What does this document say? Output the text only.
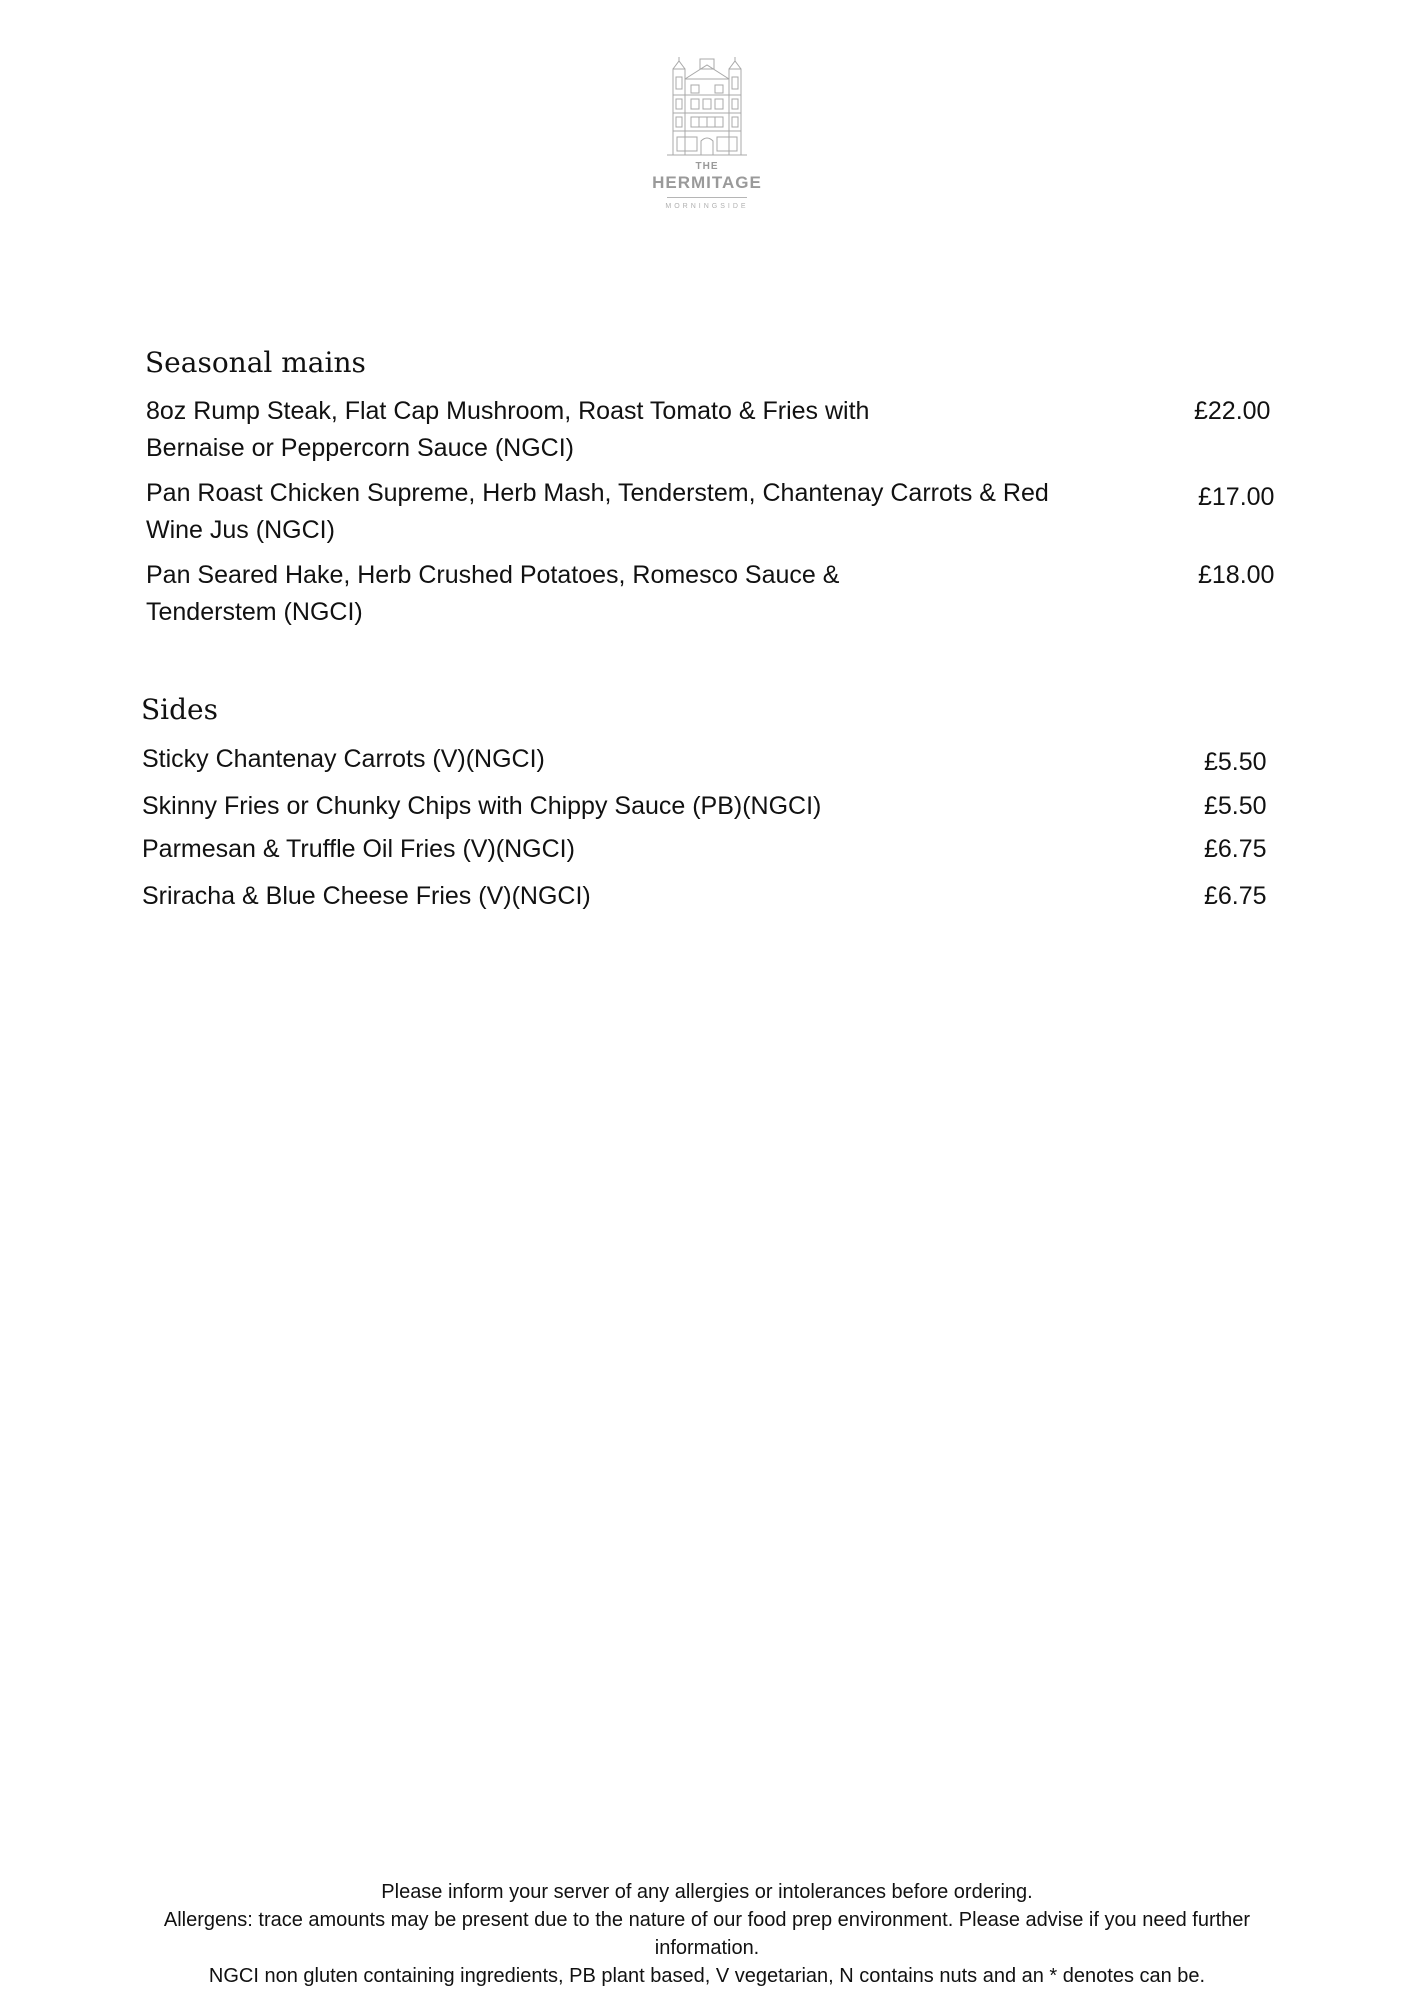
THE
HERMITAGE
MORNINGSIDE
Seasonal mains
8oz Rump Steak, Flat Cap Mushroom, Roast Tomato & Fries with Bernaise or Peppercorn Sauce (NGCI)
£22.00
Pan Roast Chicken Supreme, Herb Mash, Tenderstem, Chantenay Carrots & Red Wine Jus (NGCI)
£17.00
Pan Seared Hake, Herb Crushed Potatoes, Romesco Sauce & Tenderstem (NGCI)
£18.00
Sides
Sticky Chantenay Carrots (V)(NGCI)	£5.50
Skinny Fries or Chunky Chips with Chippy Sauce (PB)(NGCI)	£5.50
Parmesan & Truffle Oil Fries (V)(NGCI)	£6.75
Sriracha & Blue Cheese Fries (V)(NGCI)	£6.75

Please inform your server of any allergies or intolerances before ordering.

Allergens: trace amounts may be present due to the nature of our food prep environment. Please advise if you need further information.

NGCI non gluten containing ingredients, PB plant based, V vegetarian, N contains nuts and an * denotes can be.
